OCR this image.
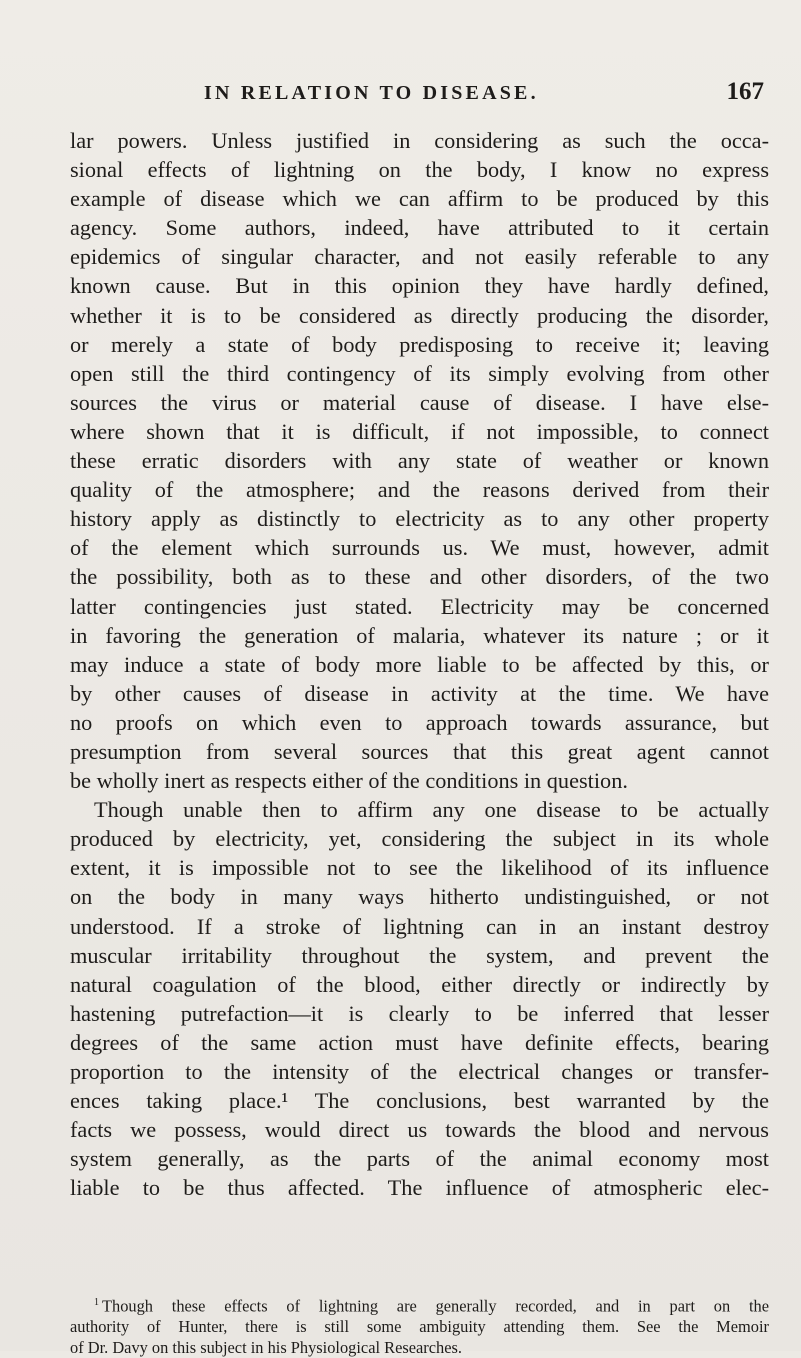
IN RELATION TO DISEASE.	167
lar powers. Unless justified in considering as such the occa-
sional effects of lightning on the body, I know no express
example of disease which we can affirm to be produced by this
agency. Some authors, indeed, have attributed to it certain
epidemics of singular character, and not easily referable to any
known cause. But in this opinion they have hardly defined,
whether it is to be considered as directly producing the disorder,
or merely a state of body predisposing to receive it; leaving
open still the third contingency of its simply evolving from other
sources the virus or material cause of disease. I have else-
where shown that it is difficult, if not impossible, to connect
these erratic disorders with any state of weather or known
quality of the atmosphere; and the reasons derived from their
history apply as distinctly to electricity as to any other property
of the element which surrounds us. We must, however, admit
the possibility, both as to these and other disorders, of the two
latter contingencies just stated. Electricity may be concerned
in favoring the generation of malaria, whatever its nature ; or it
may induce a state of body more liable to be affected by this, or
by other causes of disease in activity at the time. We have
no proofs on which even to approach towards assurance, but
presumption from several sources that this great agent cannot
be wholly inert as respects either of the conditions in question.
Though unable then to affirm any one disease to be actually
produced by electricity, yet, considering the subject in its whole
extent, it is impossible not to see the likelihood of its influence
on the body in many ways hitherto undistinguished, or not
understood. If a stroke of lightning can in an instant destroy
muscular irritability throughout the system, and prevent the
natural coagulation of the blood, either directly or indirectly by
hastening putrefaction—it is clearly to be inferred that lesser
degrees of the same action must have definite effects, bearing
proportion to the intensity of the electrical changes or transfer-
ences taking place.¹ The conclusions, best warranted by the
facts we possess, would direct us towards the blood and nervous
system generally, as the parts of the animal economy most
liable to be thus affected. The influence of atmospheric elec-
$^1$ Though these effects of lightning are generally recorded, and in part on the
authority of Hunter, there is still some ambiguity attending them. See the Memoir
of Dr. Davy on this subject in his Physiological Researches.
